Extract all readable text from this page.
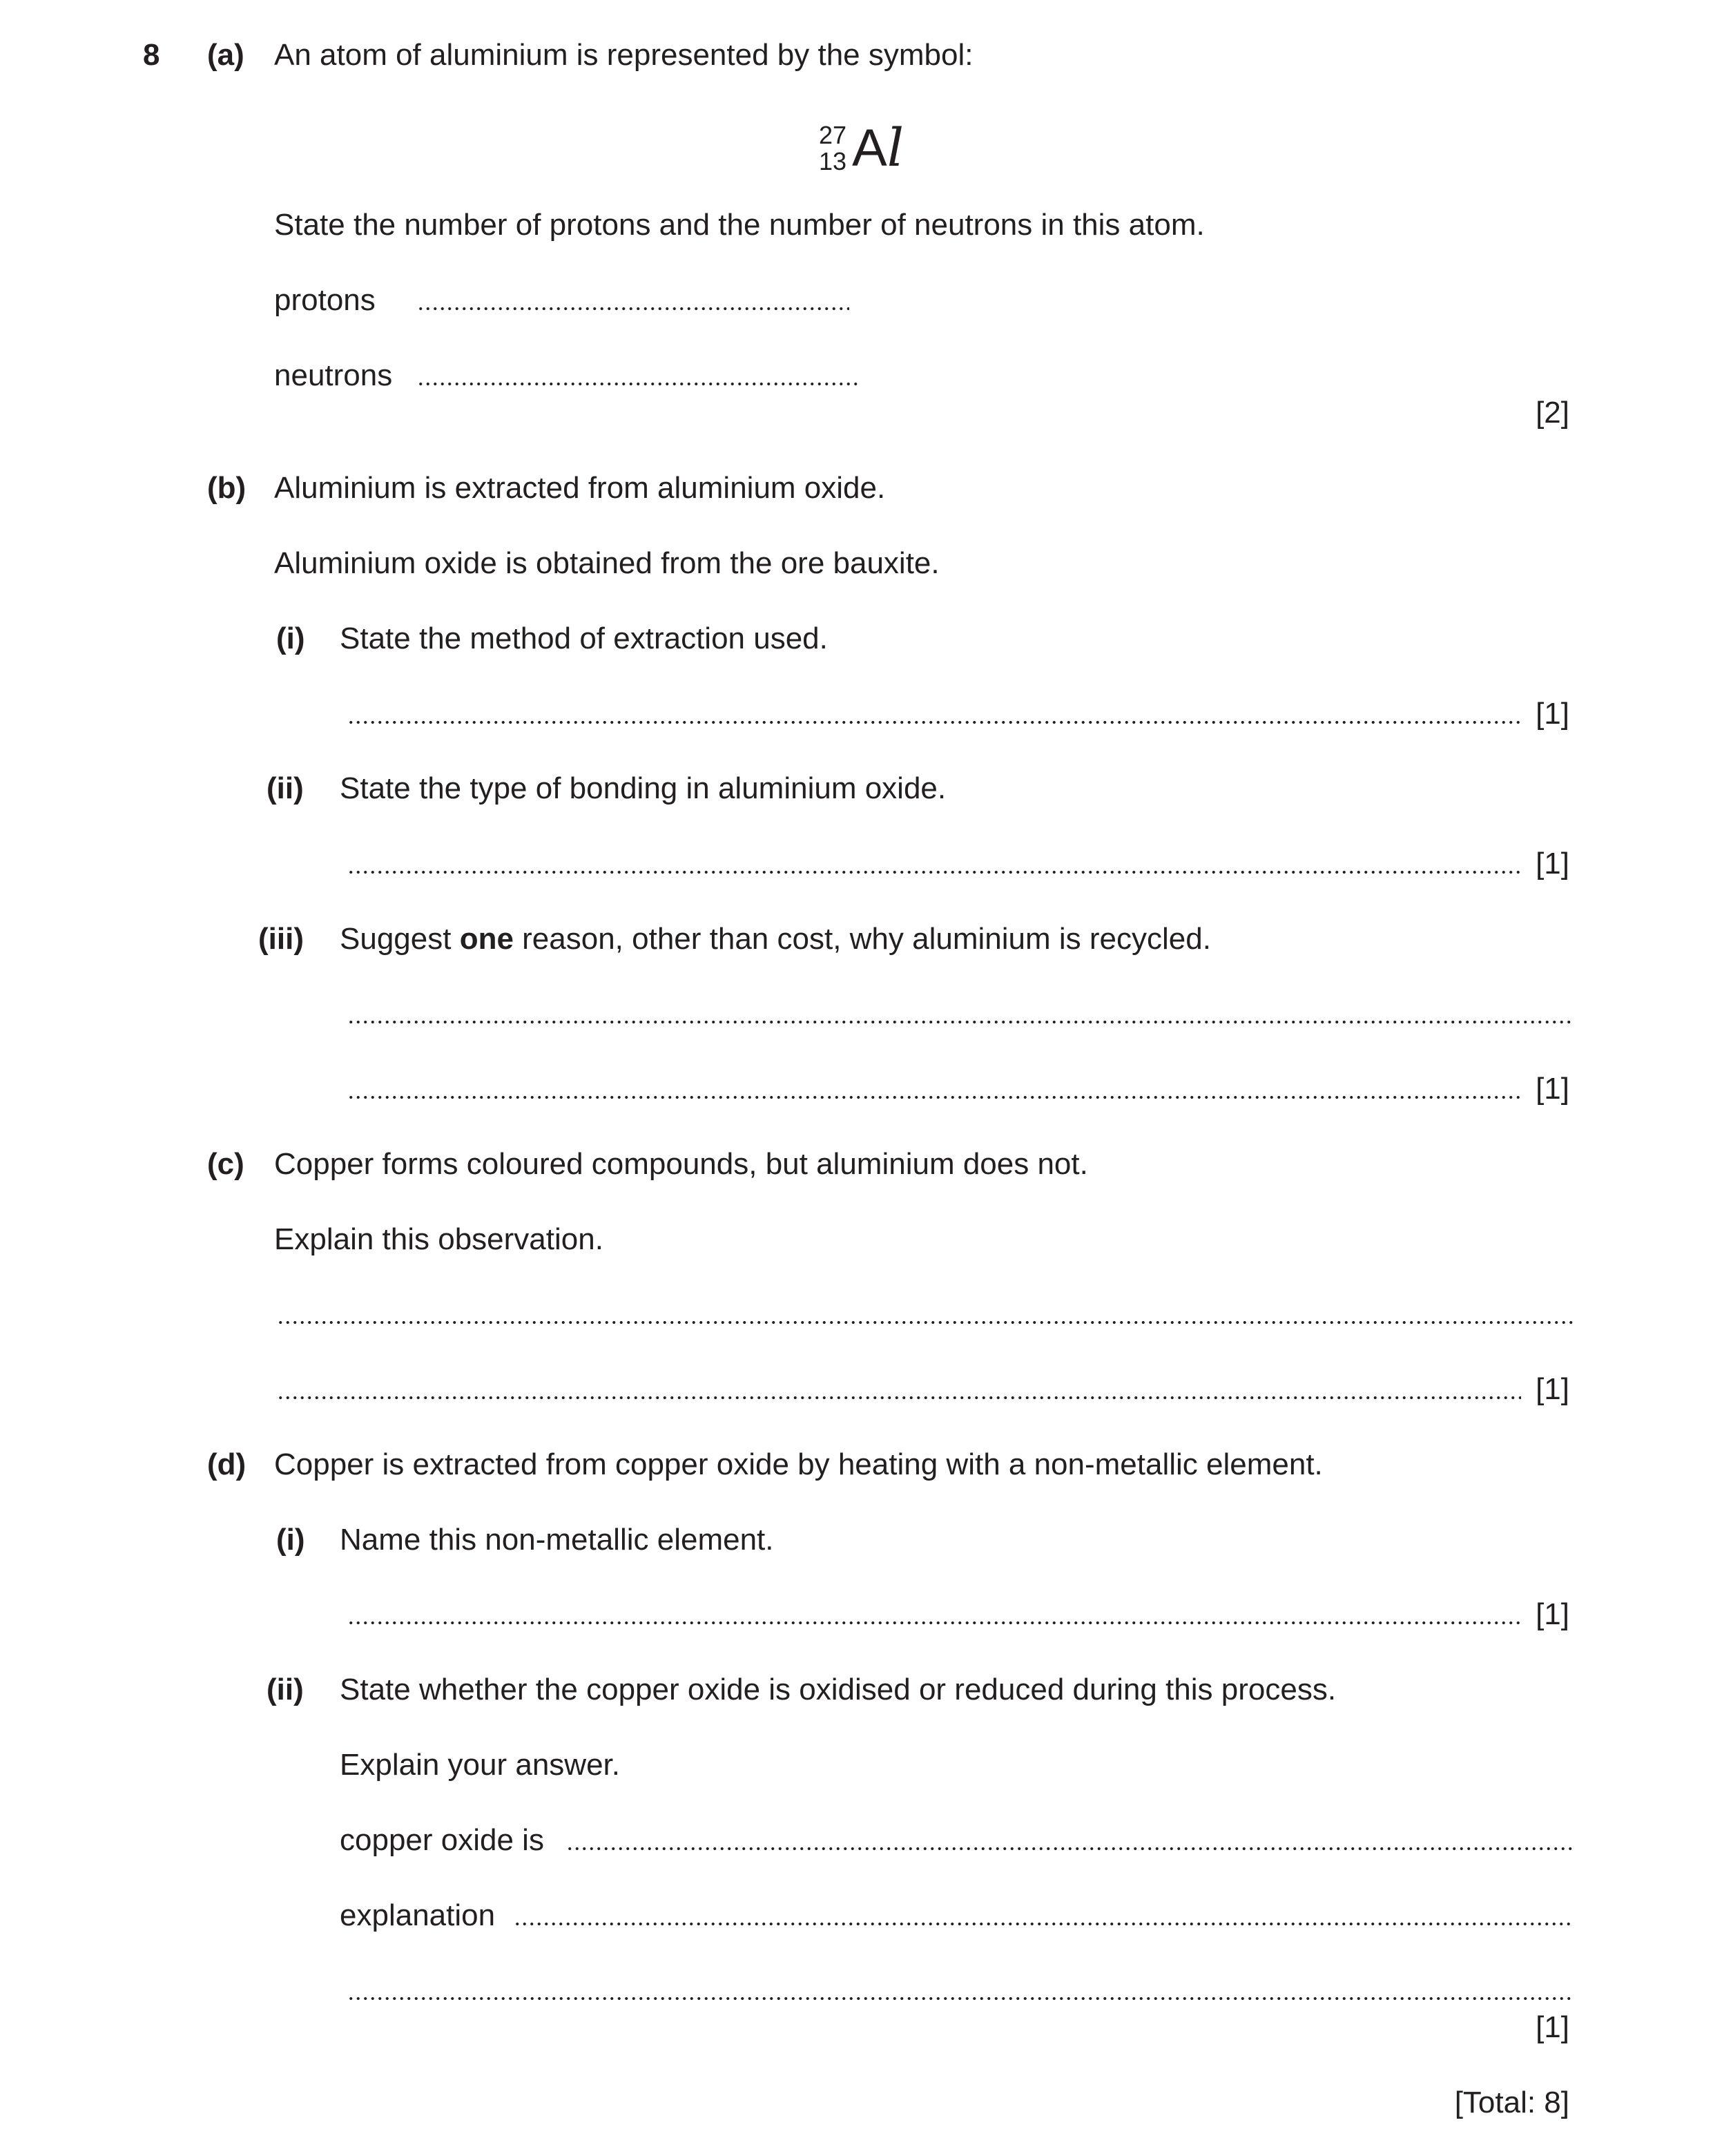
8 (a) An atom of aluminium is represented by the symbol:
27
13 Al
State the number of protons and the number of neutrons in this atom.
protons
neutrons
[2]
(b) Aluminium is extracted from aluminium oxide.
Aluminium oxide is obtained from the ore bauxite.
(i) State the method of extraction used.
[1]
(ii) State the type of bonding in aluminium oxide.
[1]
(iii) Suggest one reason, other than cost, why aluminium is recycled.
[1]
(c) Copper forms coloured compounds, but aluminium does not.
Explain this observation.
[1]
(d) Copper is extracted from copper oxide by heating with a non-metallic element.
(i) Name this non-metallic element.
[1]
(ii) State whether the copper oxide is oxidised or reduced during this process.
Explain your answer.
copper oxide is
explanation
[1]
[Total: 8]
